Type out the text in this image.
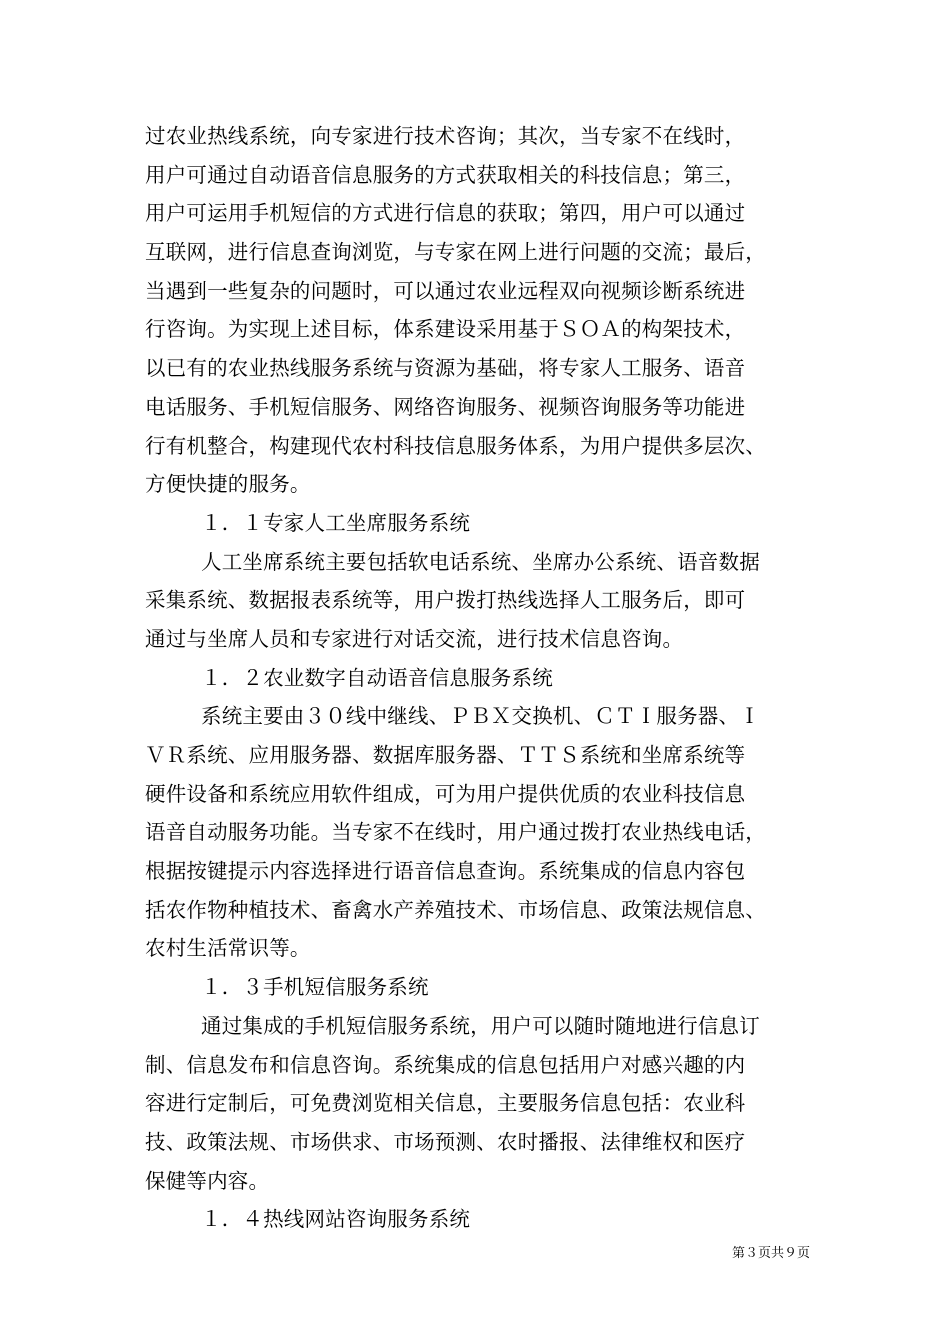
过农业热线系统，向专家进行技术咨询；其次，当专家不在线时，
用户可通过自动语音信息服务的方式获取相关的科技信息；第三，
用户可运用手机短信的方式进行信息的获取；第四，用户可以通过
互联网，进行信息查询浏览，与专家在网上进行问题的交流；最后，
当遇到一些复杂的问题时，可以通过农业远程双向视频诊断系统进
行咨询。为实现上述目标，体系建设采用基于ＳＯＡ的构架技术，
以已有的农业热线服务系统与资源为基础，将专家人工服务、语音
电话服务、手机短信服务、网络咨询服务、视频咨询服务等功能进
行有机整合，构建现代农村科技信息服务体系，为用户提供多层次、
方便快捷的服务。
１．１专家人工坐席服务系统
人工坐席系统主要包括软电话系统、坐席办公系统、语音数据
采集系统、数据报表系统等，用户拨打热线选择人工服务后，即可
通过与坐席人员和专家进行对话交流，进行技术信息咨询。
１．２农业数字自动语音信息服务系统
系统主要由３０线中继线、ＰＢＸ交换机、ＣＴＩ服务器、Ｉ
ＶＲ系统、应用服务器、数据库服务器、ＴＴＳ系统和坐席系统等
硬件设备和系统应用软件组成，可为用户提供优质的农业科技信息
语音自动服务功能。当专家不在线时，用户通过拨打农业热线电话，
根据按键提示内容选择进行语音信息查询。系统集成的信息内容包
括农作物种植技术、畜禽水产养殖技术、市场信息、政策法规信息、
农村生活常识等。
１．３手机短信服务系统
通过集成的手机短信服务系统，用户可以随时随地进行信息订
制、信息发布和信息咨询。系统集成的信息包括用户对感兴趣的内
容进行定制后，可免费浏览相关信息，主要服务信息包括：农业科
技、政策法规、市场供求、市场预测、农时播报、法律维权和医疗
保健等内容。
１．４热线网站咨询服务系统
第３页共９页
